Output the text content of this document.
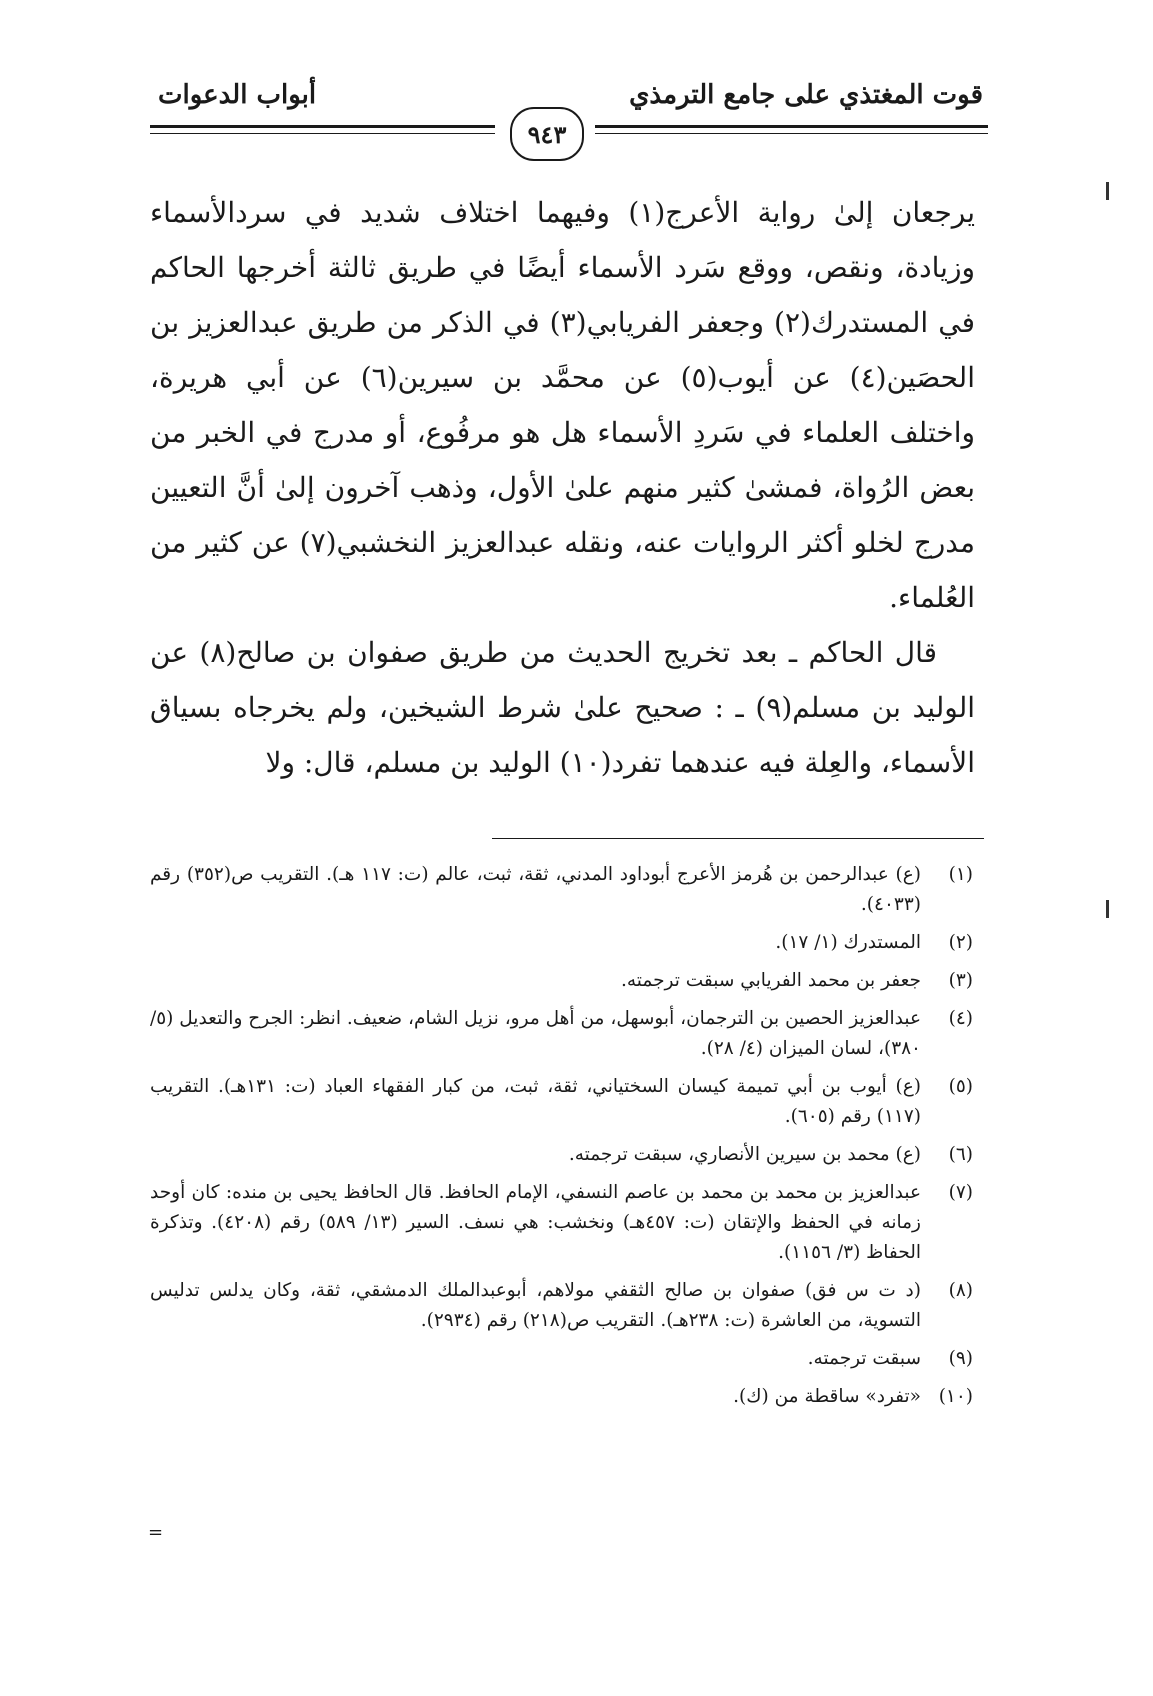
قوت المغتذي على جامع الترمذي
أبواب الدعوات
٩٤٣

يرجعان إلىٰ رواية الأعرج(١) وفيهما اختلاف شديد في سردالأسماء وزيادة، ونقص، ووقع سَرد الأسماء أيضًا في طريق ثالثة أخرجها الحاكم في المستدرك(٢) وجعفر الفريابي(٣) في الذكر من طريق عبدالعزيز بن الحصَين(٤) عن أيوب(٥) عن محمَّد بن سيرين(٦) عن أبي هريرة، واختلف العلماء في سَردِ الأسماء هل هو مرفُوع، أو مدرج في الخبر من بعض الرُواة، فمشىٰ كثير منهم علىٰ الأول، وذهب آخرون إلىٰ أنَّ التعيين مدرج لخلو أكثر الروايات عنه، ونقله عبدالعزيز النخشبي(٧) عن كثير من العُلماء.

قال الحاكم ـ بعد تخريج الحديث من طريق صفوان بن صالح(٨) عن الوليد بن مسلم(٩) ـ : صحيح علىٰ شرط الشيخين، ولم يخرجاه بسياق الأسماء، والعِلة فيه عندهما تفرد(١٠) الوليد بن مسلم، قال: ولا

(١)
(ع) عبدالرحمن بن هُرمز الأعرج أبوداود المدني، ثقة، ثبت، عالم (ت: ١١٧ هـ). التقريب ص(٣٥٢) رقم (٤٠٣٣).
(٢)
المستدرك (١/ ١٧).
(٣)
جعفر بن محمد الفريابي سبقت ترجمته.
(٤)
عبدالعزيز الحصين بن الترجمان، أبوسهل، من أهل مرو، نزيل الشام، ضعيف. انظر: الجرح والتعديل (٥/ ٣٨٠)، لسان الميزان (٤/ ٢٨).
(٥)
(ع) أيوب بن أبي تميمة كيسان السختياني، ثقة، ثبت، من كبار الفقهاء العباد (ت: ١٣١هـ). التقريب (١١٧) رقم (٦٠٥).
(٦)
(ع) محمد بن سيرين الأنصاري، سبقت ترجمته.
(٧)
عبدالعزيز بن محمد بن محمد بن عاصم النسفي، الإمام الحافظ. قال الحافظ يحيى بن منده: كان أوحد زمانه في الحفظ والإتقان (ت: ٤٥٧هـ) ونخشب: هي نسف. السير (١٣/ ٥٨٩) رقم (٤٢٠٨). وتذكرة الحفاظ (٣/ ١١٥٦).
(٨)
(د ت س فق) صفوان بن صالح الثقفي مولاهم، أبوعبدالملك الدمشقي، ثقة، وكان يدلس تدليس التسوية، من العاشرة (ت: ٢٣٨هـ). التقريب ص(٢١٨) رقم (٢٩٣٤).
(٩)
سبقت ترجمته.
(١٠)
«تفرد» ساقطة من (ك).
=
